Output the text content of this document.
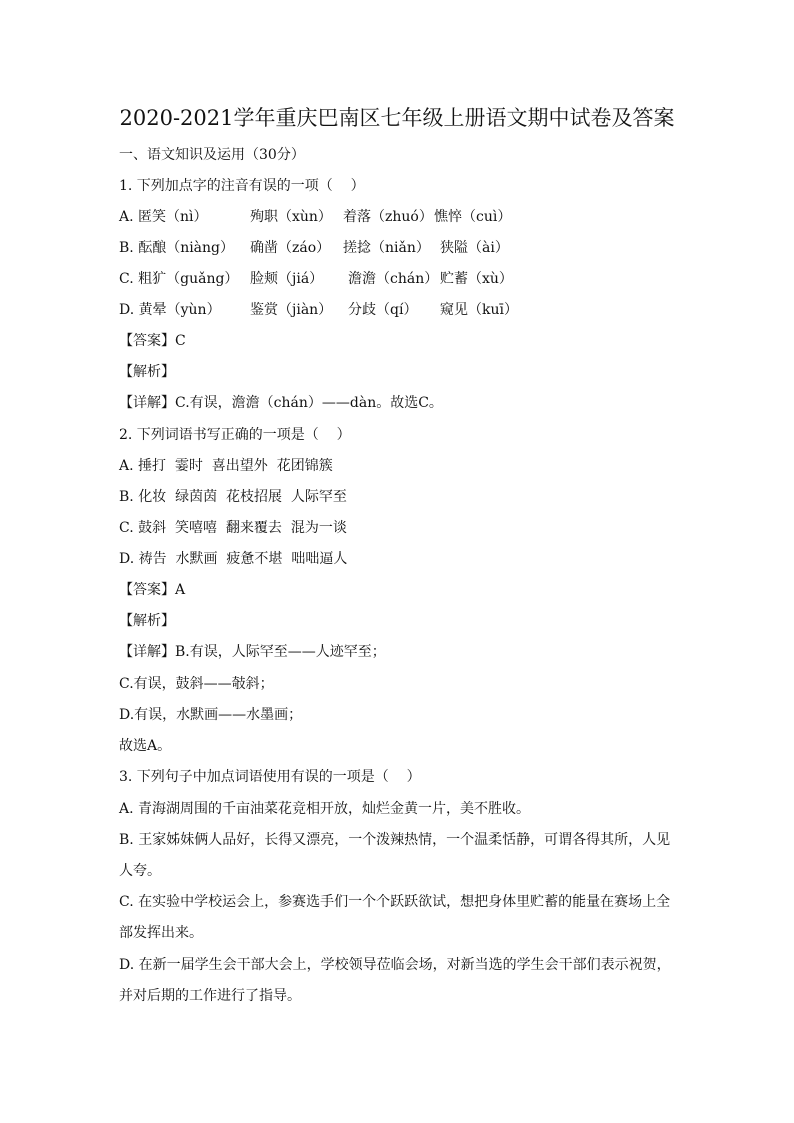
2020-2021学年重庆巴南区七年级上册语文期中试卷及答案
一、语文知识及运用（30分）
1. 下列加点字的注音有误的一项（    ）
A. 匿笑（nì）	殉职（xùn） 着落（zhuó） 憔悴（cuì）
B. 酝酿（niàng） 确凿（záo） 搓捻（niǎn） 狭隘（ài）
C. 粗犷（guǎng） 脸颊（jiá） 澹澹（chán） 贮蓄（xù）
D. 黄晕（yùn） 鉴赏（jiàn） 分歧（qí） 窥见（kuī）
【答案】C
【解析】
【详解】C.有误，澹澹（chán）——dàn。故选C。
2. 下列词语书写正确的一项是（    ）
A. 捶打  霎时  喜出望外  花团锦簇
B. 化妆  绿茵茵  花枝招展  人际罕至
C. 鼓斜  笑嘻嘻  翻来覆去  混为一谈
D. 祷告  水默画  疲惫不堪  咄咄逼人
【答案】A
【解析】
【详解】B.有误，人际罕至——人迹罕至；
C.有误，鼓斜——攲斜；
D.有误，水默画——水墨画；
故选A。
3. 下列句子中加点词语使用有误的一项是（    ）
A. 青海湖周围的千亩油菜花竞相开放，灿烂金黄一片，美不胜收。
B. 王家姊妹俩人品好，长得又漂亮，一个泼辣热情，一个温柔恬静，可谓各得其所，人见
人夸。
C. 在实验中学校运会上，参赛选手们一个个跃跃欲试，想把身体里贮蓄的能量在赛场上全
部发挥出来。
D. 在新一届学生会干部大会上，学校领导莅临会场，对新当选的学生会干部们表示祝贺，
并对后期的工作进行了指导。
